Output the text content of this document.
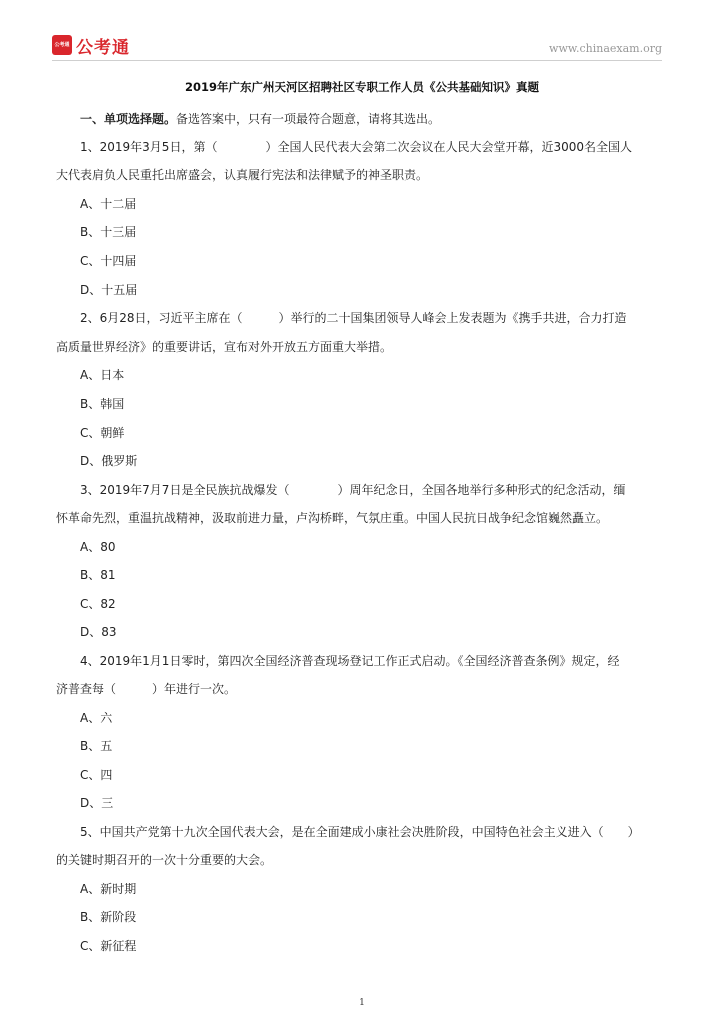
公考通 公考通	www.chinaexam.org
2019年广东广州天河区招聘社区专职工作人员《公共基础知识》真题
一、单项选择题。备选答案中，只有一项最符合题意，请将其选出。
1、2019年3月5日，第（　　　　）全国人民代表大会第二次会议在人民大会堂开幕，近3000名全国人
大代表肩负人民重托出席盛会，认真履行宪法和法律赋予的神圣职责。
A、十二届
B、十三届
C、十四届
D、十五届
2、6月28日，习近平主席在（　　　）举行的二十国集团领导人峰会上发表题为《携手共进，合力打造
高质量世界经济》的重要讲话，宣布对外开放五方面重大举措。
A、日本
B、韩国
C、朝鲜
D、俄罗斯
3、2019年7月7日是全民族抗战爆发（　　　　）周年纪念日，全国各地举行多种形式的纪念活动，缅
怀革命先烈，重温抗战精神，汲取前进力量，卢沟桥畔，气氛庄重。中国人民抗日战争纪念馆巍然矗立。
A、80
B、81
C、82
D、83
4、2019年1月1日零时，第四次全国经济普查现场登记工作正式启动。《全国经济普查条例》规定，经
济普查每（　　　）年进行一次。
A、六
B、五
C、四
D、三
5、中国共产党第十九次全国代表大会，是在全面建成小康社会决胜阶段，中国特色社会主义进入（　　）
的关键时期召开的一次十分重要的大会。
A、新时期
B、新阶段
C、新征程
1
